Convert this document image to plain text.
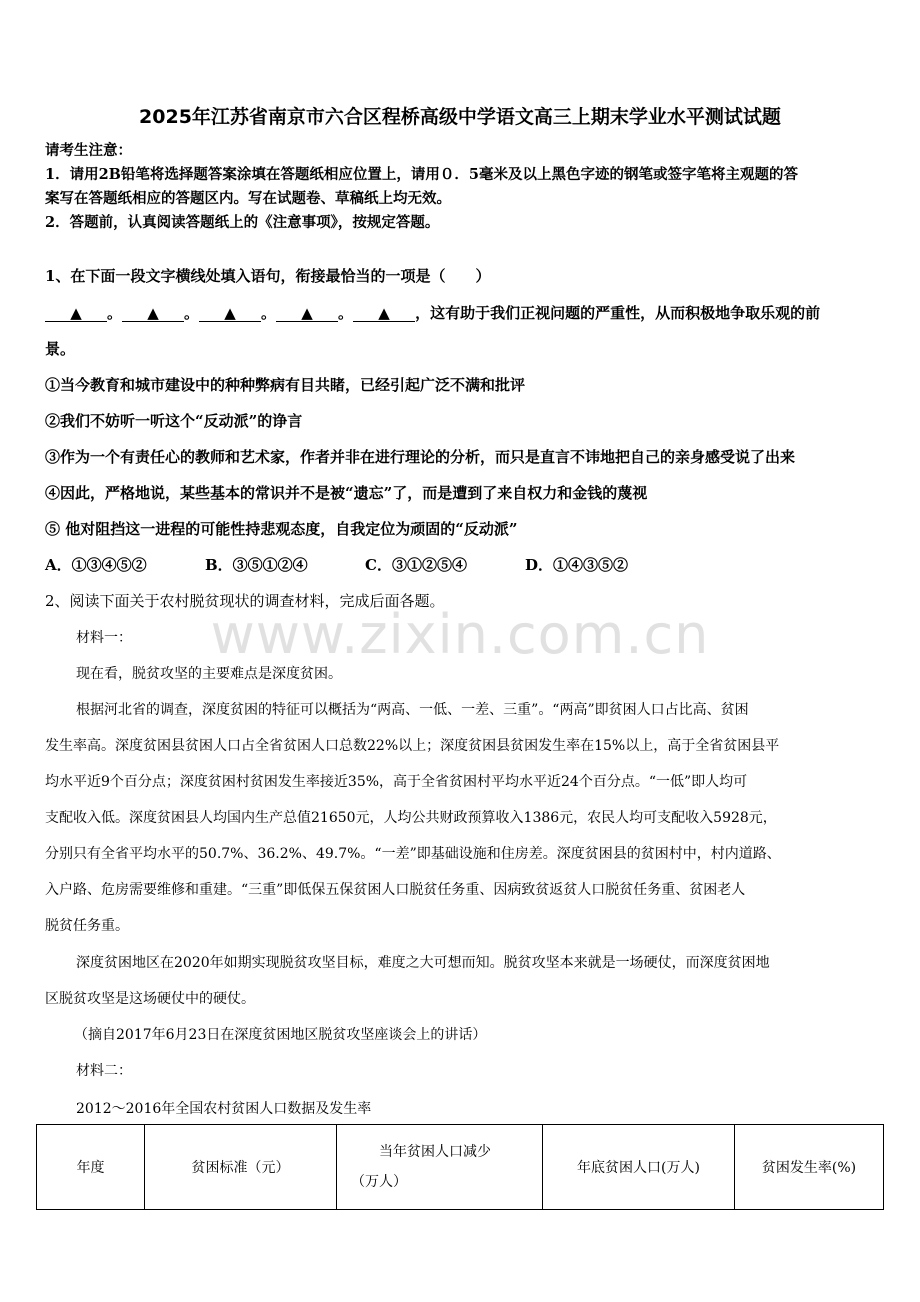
2025年江苏省南京市六合区程桥高级中学语文高三上期末学业水平测试试题
请考生注意：
1．请用2B铅笔将选择题答案涂填在答题纸相应位置上，请用０．5毫米及以上黑色字迹的钢笔或签字笔将主观题的答
案写在答题纸相应的答题区内。写在试题卷、草稿纸上均无效。
2．答题前，认真阅读答题纸上的《注意事项》，按规定答题。
1、在下面一段文字横线处填入语句，衔接最恰当的一项是（　　）
▲ 。 ▲ 。 ▲ 。 ▲ 。 ▲ ，这有助于我们正视问题的严重性，从而积极地争取乐观的前
景。
①当今教育和城市建设中的种种弊病有目共睹，已经引起广泛不满和批评
②我们不妨听一听这个“反动派”的诤言
③作为一个有责任心的教师和艺术家，作者并非在进行理论的分析，而只是直言不讳地把自己的亲身感受说了出来
④因此，严格地说，某些基本的常识并不是被“遗忘”了，而是遭到了来自权力和金钱的蔑视
⑤ 他对阻挡这一进程的可能性持悲观态度，自我定位为顽固的“反动派”
A．①③④⑤②	B．③⑤①②④	C．③①②⑤④	D．①④③⑤②
2、阅读下面关于农村脱贫现状的调查材料，完成后面各题。
www.zixin.com.cn
材料一：
现在看，脱贫攻坚的主要难点是深度贫困。
根据河北省的调查，深度贫困的特征可以概括为“两高、一低、一差、三重”。“两高”即贫困人口占比高、贫困
发生率高。深度贫困县贫困人口占全省贫困人口总数22%以上；深度贫困县贫困发生率在15%以上，高于全省贫困县平
均水平近9个百分点；深度贫困村贫困发生率接近35%，高于全省贫困村平均水平近24个百分点。“一低”即人均可
支配收入低。深度贫困县人均国内生产总值21650元，人均公共财政预算收入1386元，农民人均可支配收入5928元，
分别只有全省平均水平的50.7%、36.2%、49.7%。“一差”即基础设施和住房差。深度贫困县的贫困村中，村内道路、
入户路、危房需要维修和重建。“三重”即低保五保贫困人口脱贫任务重、因病致贫返贫人口脱贫任务重、贫困老人
脱贫任务重。
深度贫困地区在2020年如期实现脱贫攻坚目标，难度之大可想而知。脱贫攻坚本来就是一场硬仗，而深度贫困地
区脱贫攻坚是这场硬仗中的硬仗。
（摘自2017年6月23日在深度贫困地区脱贫攻坚座谈会上的讲话）
材料二：
2012～2016年全国农村贫困人口数据及发生率
年度	贫困标准（元）	
当年贫困人口减少
（万人）
	年底贫困人口(万人)	贫困发生率(%)
